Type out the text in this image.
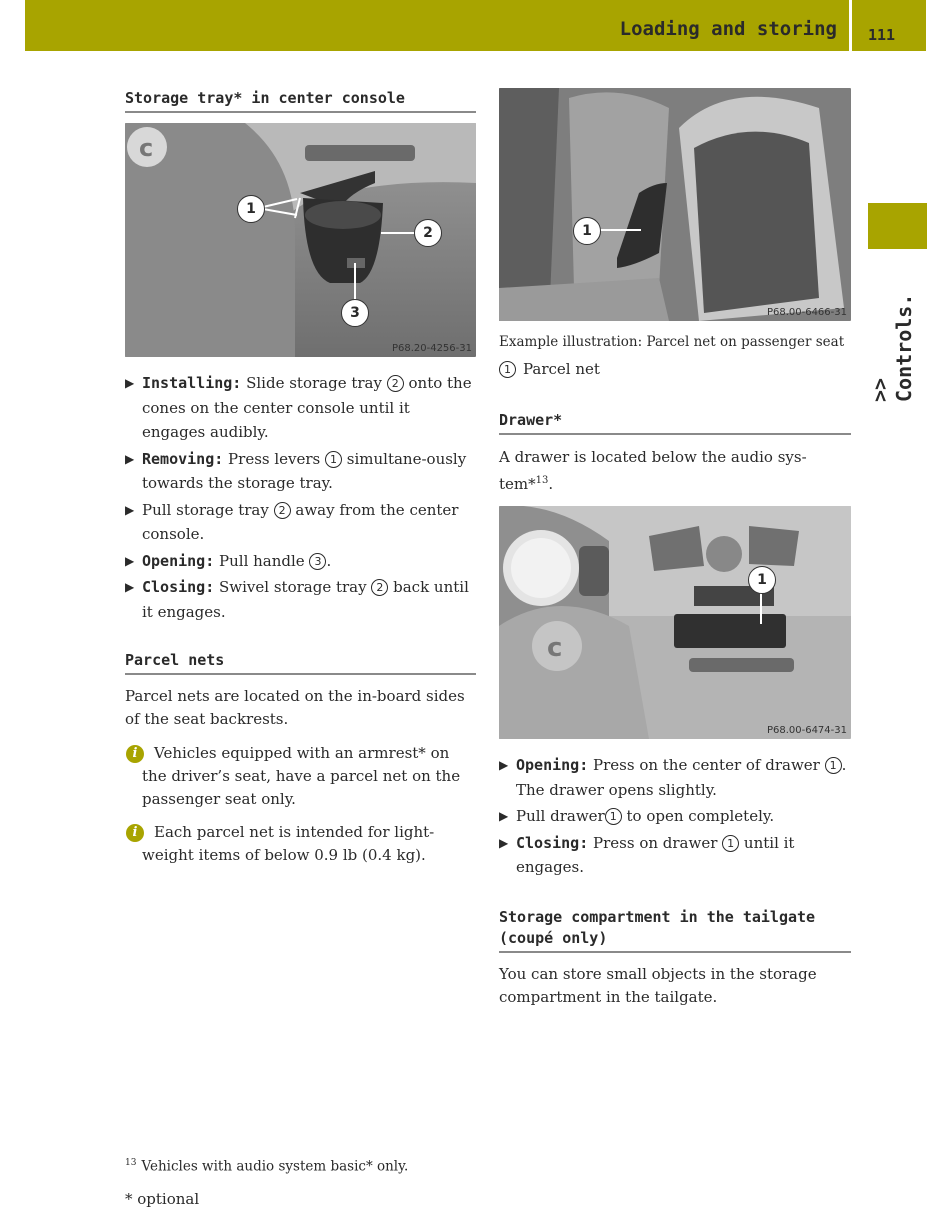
Loading and storing 111
>> Controls.
Storage tray* in center console
c
1
2
3
P68.20-4256-31
▶ Installing: Slide storage tray 2 onto the cones on the center console until it engages audibly.
▶ Removing: Press levers 1 simultane-ously towards the storage tray.
▶ Pull storage tray 2 away from the center console.
▶ Opening: Pull handle 3 .
▶ Closing: Swivel storage tray 2 back until it engages.
Parcel nets

Parcel nets are located on the in-board sides of the seat backrests.

i	Vehicles equipped with an armrest* on the driver’s seat, have a parcel net on the passenger seat only.
i	Each parcel net is intended for light-weight items of below 0.9 lb (0.4 kg).
1
P68.00-6466-31
Example illustration: Parcel net on passenger seat
1 Parcel net
Drawer*

A drawer is located below the audio sys-tem*$^{13}$.

c
1
P68.00-6474-31
▶ Opening: Press on the center of drawer 1 .
The drawer opens slightly.
▶ Pull drawer 1 to open completely.
▶ Closing: Press on drawer 1 until it engages.
Storage compartment in the tailgate (coupé only)

You can store small objects in the storage compartment in the tailgate.

$^{13}$ Vehicles with audio system basic* only.
* optional
